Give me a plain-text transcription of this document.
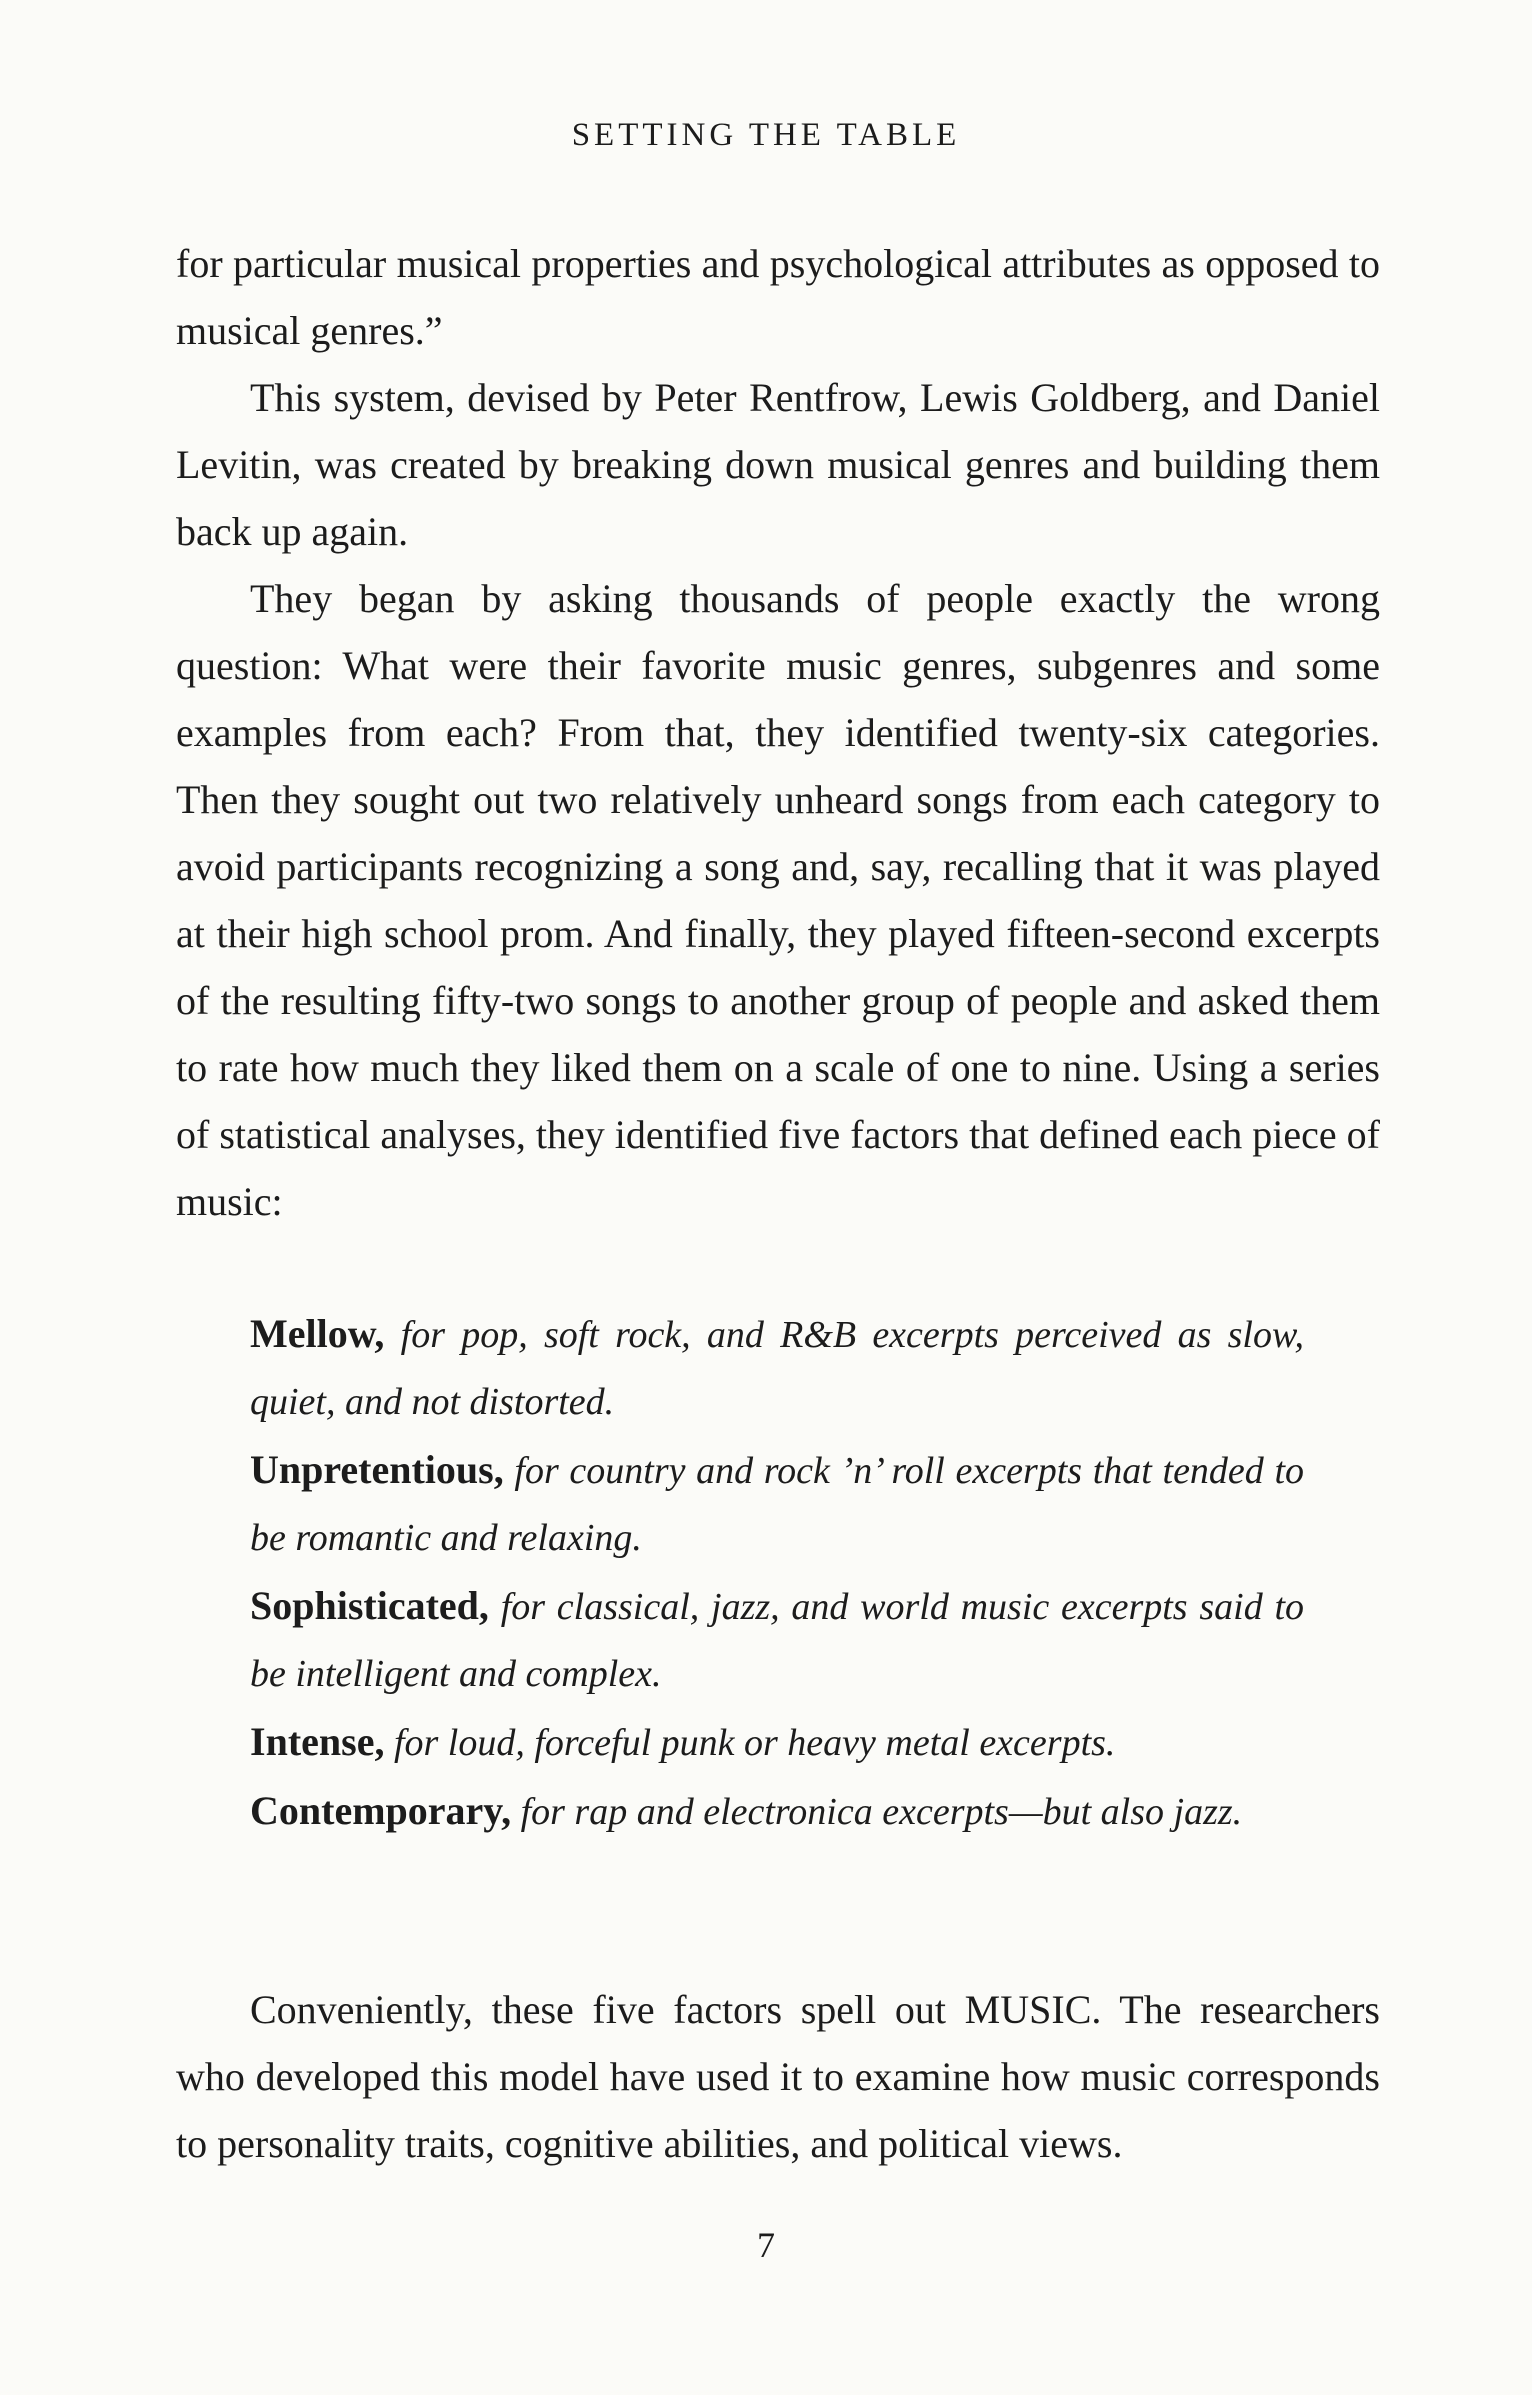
SETTING THE TABLE

for particular musical properties and psychological attributes as opposed to musical genres.”

This system, devised by Peter Rentfrow, Lewis Goldberg, and Daniel Levitin, was created by breaking down musical genres and building them back up again.

They began by asking thousands of people exactly the wrong question: What were their favorite music genres, subgenres and some examples from each? From that, they identified twenty-six categories. Then they sought out two relatively unheard songs from each category to avoid participants recognizing a song and, say, recalling that it was played at their high school prom. And finally, they played fifteen-second excerpts of the resulting fifty-two songs to another group of people and asked them to rate how much they liked them on a scale of one to nine. Using a series of statistical analyses, they identified five factors that defined each piece of music:

Mellow, for pop, soft rock, and R&B excerpts perceived as slow, quiet, and not distorted.

Unpretentious, for country and rock ’n’ roll excerpts that tended to be romantic and relaxing.

Sophisticated, for classical, jazz, and world music excerpts said to be intelligent and complex.

Intense, for loud, forceful punk or heavy metal excerpts.

Contemporary, for rap and electronica excerpts—but also jazz.

Conveniently, these five factors spell out MUSIC. The researchers who developed this model have used it to examine how music corresponds to personality traits, cognitive abilities, and political views.

7
